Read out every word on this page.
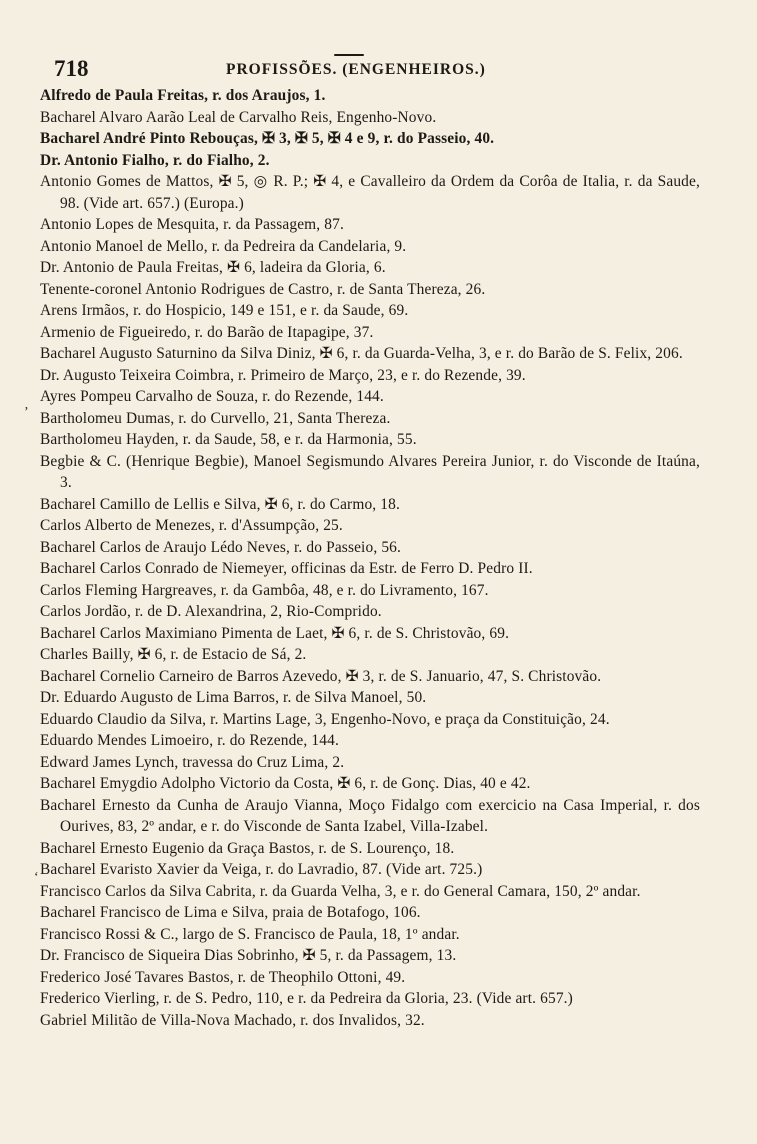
718	PROFISSÕES. (ENGENHEIROS.)
’
‘
Alfredo de Paula Freitas, r. dos Araujos, 1.
Bacharel Alvaro Aarão Leal de Carvalho Reis, Engenho-Novo.
Bacharel André Pinto Rebouças, ✠ 3, ✠ 5, ✠ 4 e 9, r. do Passeio, 40.
Dr. Antonio Fialho, r. do Fialho, 2.
Antonio Gomes de Mattos, ✠ 5, ◎ R. P.; ✠ 4, e Cavalleiro da Ordem da Corôa de Italia, r. da Saude, 98. (Vide art. 657.) (Europa.)
Antonio Lopes de Mesquita, r. da Passagem, 87.
Antonio Manoel de Mello, r. da Pedreira da Candelaria, 9.
Dr. Antonio de Paula Freitas, ✠ 6, ladeira da Gloria, 6.
Tenente-coronel Antonio Rodrigues de Castro, r. de Santa Thereza, 26.
Arens Irmãos, r. do Hospicio, 149 e 151, e r. da Saude, 69.
Armenio de Figueiredo, r. do Barão de Itapagipe, 37.
Bacharel Augusto Saturnino da Silva Diniz, ✠ 6, r. da Guarda-Velha, 3, e r. do Barão de S. Felix, 206.
Dr. Augusto Teixeira Coimbra, r. Primeiro de Março, 23, e r. do Rezende, 39.
Ayres Pompeu Carvalho de Souza, r. do Rezende, 144.
Bartholomeu Dumas, r. do Curvello, 21, Santa Thereza.
Bartholomeu Hayden, r. da Saude, 58, e r. da Harmonia, 55.
Begbie & C. (Henrique Begbie), Manoel Segismundo Alvares Pereira Junior, r. do Visconde de Itaúna, 3.
Bacharel Camillo de Lellis e Silva, ✠ 6, r. do Carmo, 18.
Carlos Alberto de Menezes, r. d'Assumpção, 25.
Bacharel Carlos de Araujo Lédo Neves, r. do Passeio, 56.
Bacharel Carlos Conrado de Niemeyer, officinas da Estr. de Ferro D. Pedro II.
Carlos Fleming Hargreaves, r. da Gambôa, 48, e r. do Livramento, 167.
Carlos Jordão, r. de D. Alexandrina, 2, Rio-Comprido.
Bacharel Carlos Maximiano Pimenta de Laet, ✠ 6, r. de S. Christovão, 69.
Charles Bailly, ✠ 6, r. de Estacio de Sá, 2.
Bacharel Cornelio Carneiro de Barros Azevedo, ✠ 3, r. de S. Januario, 47, S. Christovão.
Dr. Eduardo Augusto de Lima Barros, r. de Silva Manoel, 50.
Eduardo Claudio da Silva, r. Martins Lage, 3, Engenho-Novo, e praça da Constituição, 24.
Eduardo Mendes Limoeiro, r. do Rezende, 144.
Edward James Lynch, travessa do Cruz Lima, 2.
Bacharel Emygdio Adolpho Victorio da Costa, ✠ 6, r. de Gonç. Dias, 40 e 42.
Bacharel Ernesto da Cunha de Araujo Vianna, Moço Fidalgo com exercicio na Casa Imperial, r. dos Ourives, 83, 2º andar, e r. do Visconde de Santa Izabel, Villa-Izabel.
Bacharel Ernesto Eugenio da Graça Bastos, r. de S. Lourenço, 18.
Bacharel Evaristo Xavier da Veiga, r. do Lavradio, 87. (Vide art. 725.)
Francisco Carlos da Silva Cabrita, r. da Guarda Velha, 3, e r. do General Camara, 150, 2º andar.
Bacharel Francisco de Lima e Silva, praia de Botafogo, 106.
Francisco Rossi & C., largo de S. Francisco de Paula, 18, 1º andar.
Dr. Francisco de Siqueira Dias Sobrinho, ✠ 5, r. da Passagem, 13.
Frederico José Tavares Bastos, r. de Theophilo Ottoni, 49.
Frederico Vierling, r. de S. Pedro, 110, e r. da Pedreira da Gloria, 23. (Vide art. 657.)
Gabriel Militão de Villa-Nova Machado, r. dos Invalidos, 32.
